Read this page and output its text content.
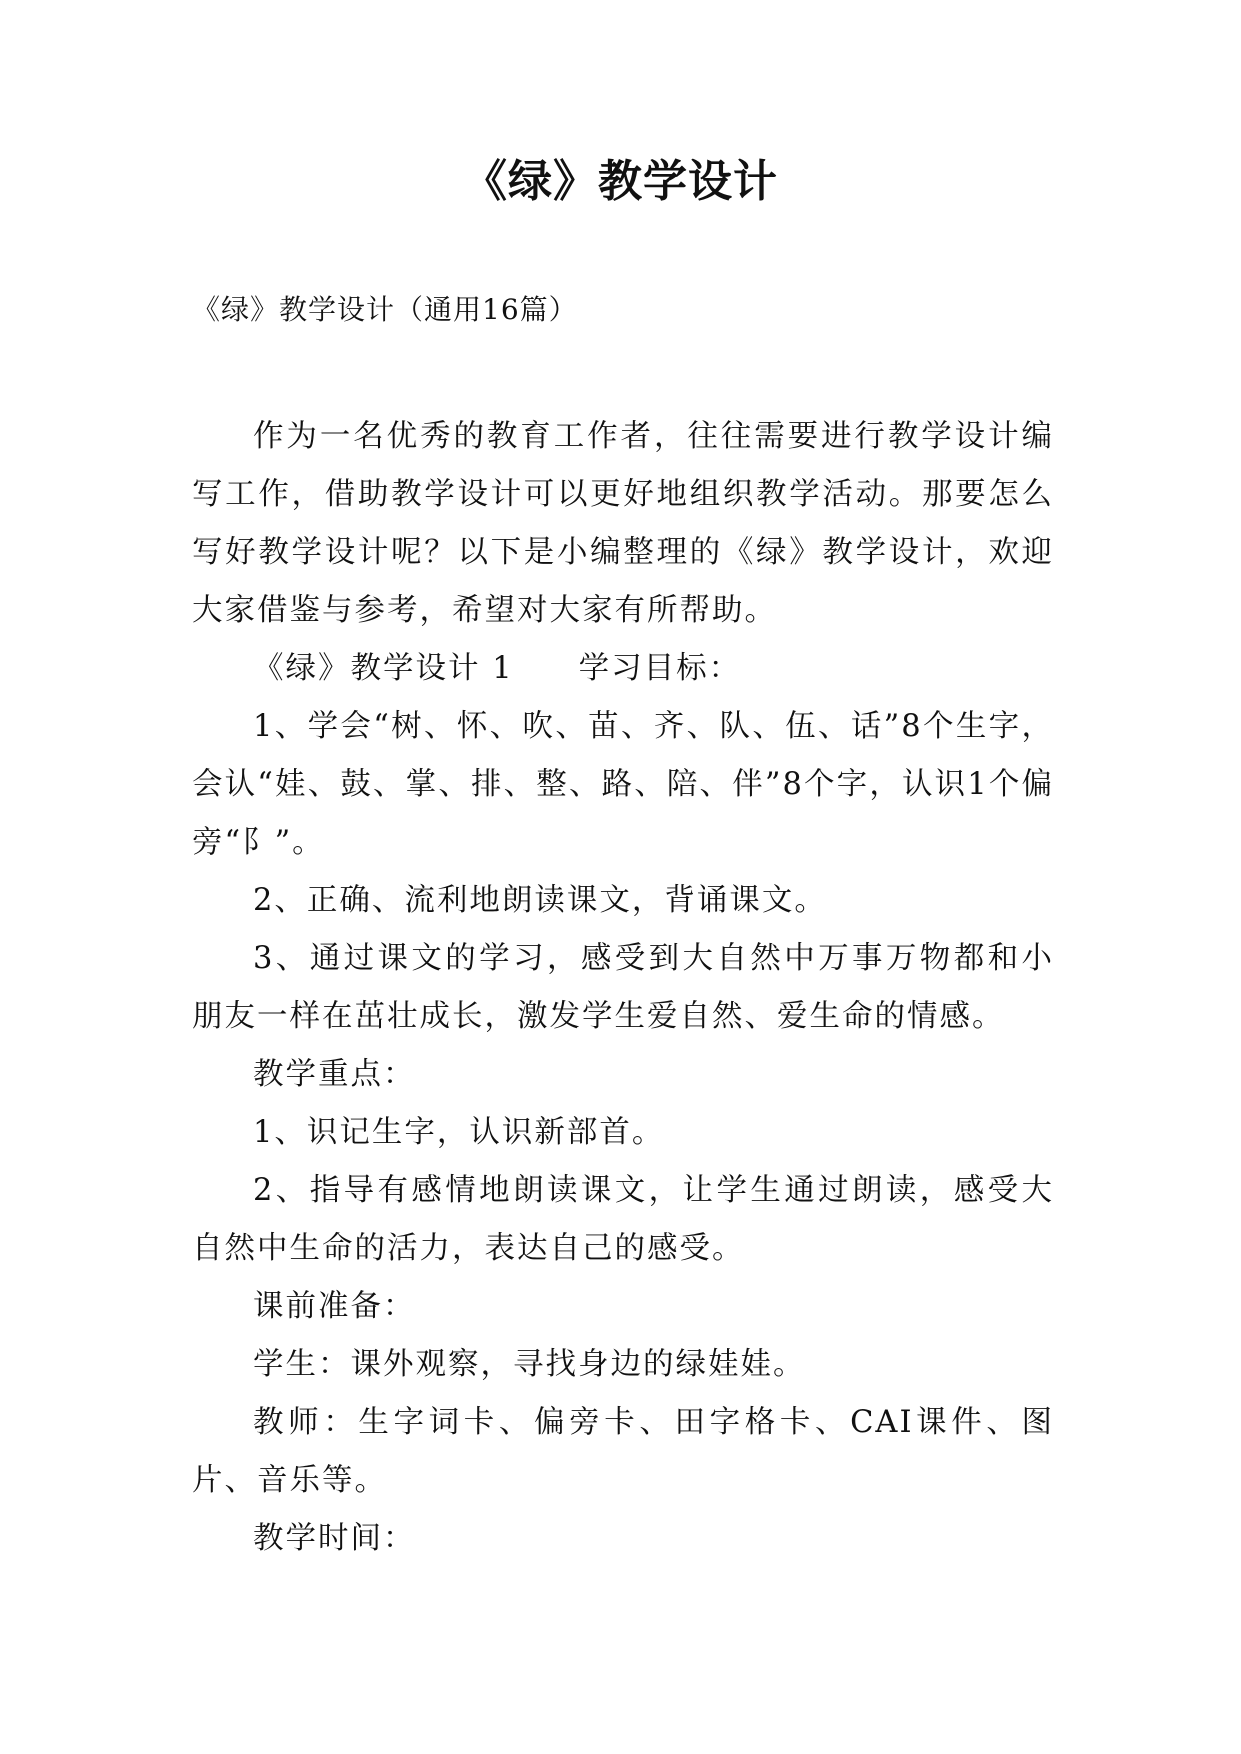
《绿》教学设计

《绿》教学设计（通用16篇）

作为一名优秀的教育工作者，往往需要进行教学设计编写工作，借助教学设计可以更好地组织教学活动。那要怎么写好教学设计呢？以下是小编整理的《绿》教学设计，欢迎大家借鉴与参考，希望对大家有所帮助。

《绿》教学设计 1　　学习目标：

1、学会“树、怀、吹、苗、齐、队、伍、话”8个生字，会认“娃、鼓、掌、排、整、路、陪、伴”8个字，认识1个偏旁“阝”。

2、正确、流利地朗读课文，背诵课文。

3、通过课文的学习，感受到大自然中万事万物都和小朋友一样在茁壮成长，激发学生爱自然、爱生命的情感。

教学重点：

1、识记生字，认识新部首。

2、指导有感情地朗读课文，让学生通过朗读，感受大自然中生命的活力，表达自己的感受。

课前准备：

学生：课外观察，寻找身边的绿娃娃。

教师：生字词卡、偏旁卡、田字格卡、CAI课件、图片、音乐等。

教学时间：
